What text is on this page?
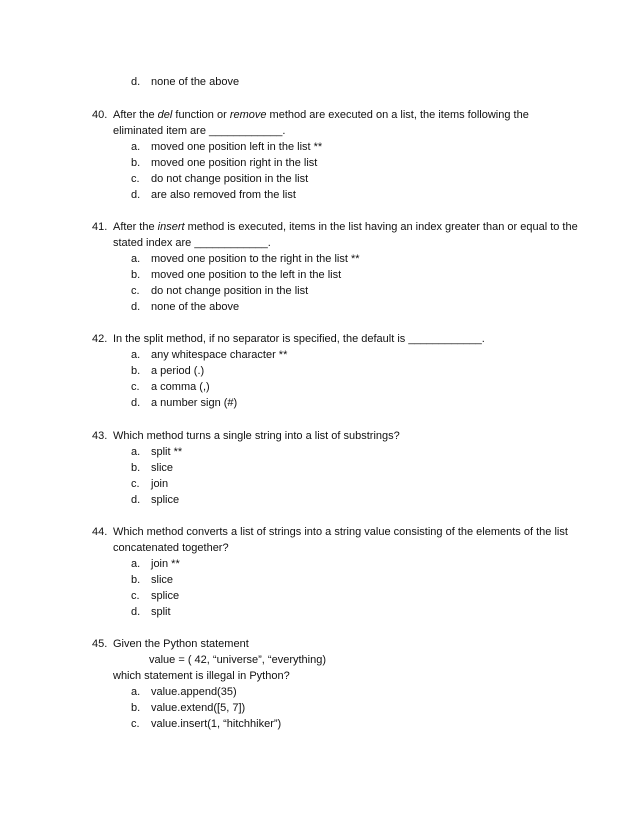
d. none of the above
40. After the del function or remove method are executed on a list, the items following the
eliminated item are ____________.
a. moved one position left in the list **
b. moved one position right in the list
c. do not change position in the list
d. are also removed from the list
41. After the insert method is executed, items in the list having an index greater than or equal to the
stated index are ____________.
a. moved one position to the right in the list **
b. moved one position to the left in the list
c. do not change position in the list
d. none of the above
42. In the split method, if no separator is specified, the default is ____________.
a. any whitespace character **
b. a period (.)
c. a comma (,)
d. a number sign (#)
43. Which method turns a single string into a list of substrings?
a. split **
b. slice
c. join
d. splice
44. Which method converts a list of strings into a string value consisting of the elements of the list
concatenated together?
a. join **
b. slice
c. splice
d. split
45. Given the Python statement
value = ( 42, “universe”, “everything)
which statement is illegal in Python?
a. value.append(35)
b. value.extend([5, 7])
c. value.insert(1, “hitchhiker”)
